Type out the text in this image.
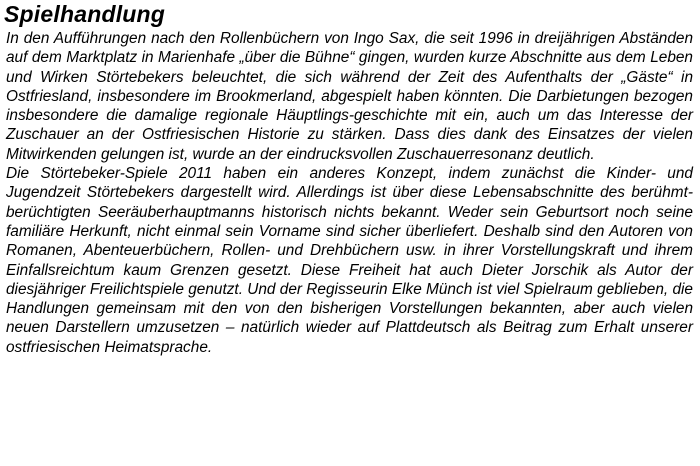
Spielhandlung

In den Aufführungen nach den Rollenbüchern von Ingo Sax, die seit 1996 in dreijährigen Abständen auf dem Marktplatz in Marienhafe „über die Bühne“ gingen, wurden kurze Abschnitte aus dem Leben und Wirken Störtebekers beleuchtet, die sich während der Zeit des Aufenthalts der „Gäste“ in Ostfriesland, insbesondere im Brookmerland, abgespielt haben könnten. Die Darbietungen bezogen insbesondere die damalige regionale Häuptlings-geschichte mit ein, auch um das Interesse der Zuschauer an der Ostfriesischen Historie zu stärken. Dass dies dank des Einsatzes der vielen Mitwirkenden gelungen ist, wurde an der eindrucksvollen Zuschauerresonanz deutlich.

Die Störtebeker-Spiele 2011 haben ein anderes Konzept, indem zunächst die Kinder- und Jugendzeit Störtebekers dargestellt wird. Allerdings ist über diese Lebensabschnitte des berühmt-berüchtigten Seeräuberhauptmanns historisch nichts bekannt. Weder sein Geburtsort noch seine familiäre Herkunft, nicht einmal sein Vorname sind sicher überliefert. Deshalb sind den Autoren von Romanen, Abenteuerbüchern, Rollen- und Drehbüchern usw. in ihrer Vorstellungskraft und ihrem Einfallsreichtum kaum Grenzen gesetzt. Diese Freiheit hat auch Dieter Jorschik als Autor der diesjähriger Freilichtspiele genutzt. Und der Regisseurin Elke Münch ist viel Spielraum geblieben, die Handlungen gemeinsam mit den von den bisherigen Vorstellungen bekannten, aber auch vielen neuen Darstellern umzusetzen – natürlich wieder auf Plattdeutsch als Beitrag zum Erhalt unserer ostfriesischen Heimatsprache.
